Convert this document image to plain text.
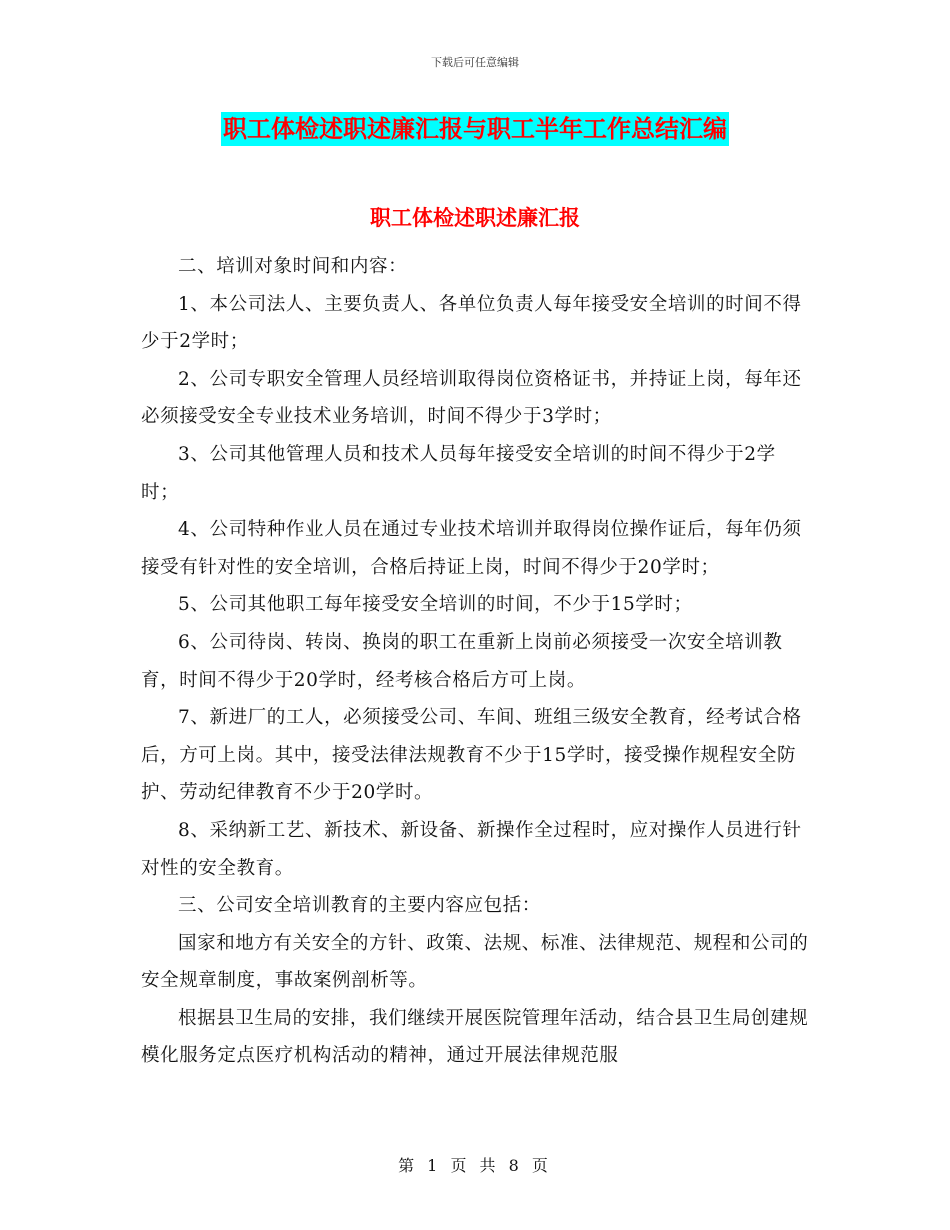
下载后可任意编辑
职工体检述职述廉汇报与职工半年工作总结汇编
职工体检述职述廉汇报

二、培训对象时间和内容：

1、本公司法人、主要负责人、各单位负责人每年接受安全培训的时间不得少于2学时；

2、公司专职安全管理人员经培训取得岗位资格证书，并持证上岗，每年还必须接受安全专业技术业务培训，时间不得少于3学时；

3、公司其他管理人员和技术人员每年接受安全培训的时间不得少于2学时；

4、公司特种作业人员在通过专业技术培训并取得岗位操作证后，每年仍须接受有针对性的安全培训，合格后持证上岗，时间不得少于20学时；

5、公司其他职工每年接受安全培训的时间，不少于15学时；

6、公司待岗、转岗、换岗的职工在重新上岗前必须接受一次安全培训教育，时间不得少于20学时，经考核合格后方可上岗。

7、新进厂的工人，必须接受公司、车间、班组三级安全教育，经考试合格后，方可上岗。其中，接受法律法规教育不少于15学时，接受操作规程安全防护、劳动纪律教育不少于20学时。

8、采纳新工艺、新技术、新设备、新操作全过程时，应对操作人员进行针对性的安全教育。

三、公司安全培训教育的主要内容应包括：

国家和地方有关安全的方针、政策、法规、标准、法律规范、规程和公司的安全规章制度，事故案例剖析等。

根据县卫生局的安排，我们继续开展医院管理年活动，结合县卫生局创建规模化服务定点医疗机构活动的精神，通过开展法律规范服

第 1 页 共 8 页
